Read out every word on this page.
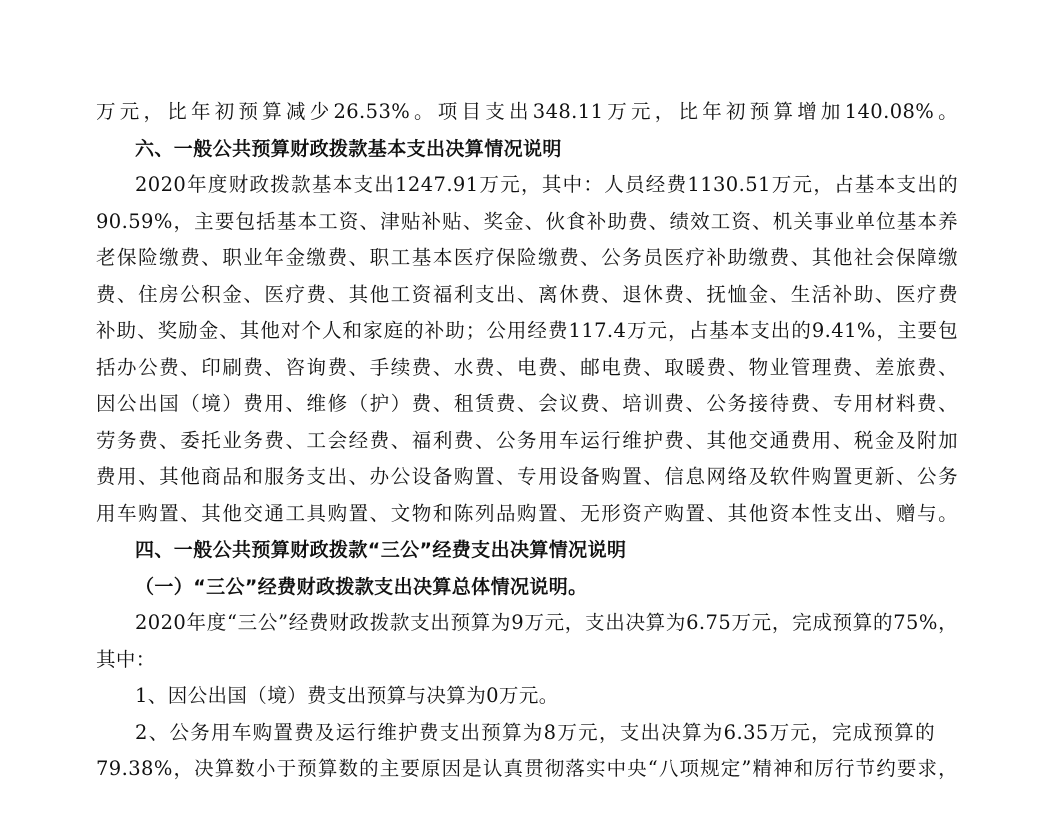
万元，比年初预算减少26.53%。项目支出348.11万元，比年初预算增加140.08%。
六、一般公共预算财政拨款基本支出决算情况说明
2020年度财政拨款基本支出1247.91万元，其中：人员经费1130.51万元，占基本支出的
90.59%，主要包括基本工资、津贴补贴、奖金、伙食补助费、绩效工资、机关事业单位基本养
老保险缴费、职业年金缴费、职工基本医疗保险缴费、公务员医疗补助缴费、其他社会保障缴
费、住房公积金、医疗费、其他工资福利支出、离休费、退休费、抚恤金、生活补助、医疗费
补助、奖励金、其他对个人和家庭的补助；公用经费117.4万元，占基本支出的9.41%，主要包
括办公费、印刷费、咨询费、手续费、水费、电费、邮电费、取暖费、物业管理费、差旅费、
因公出国（境）费用、维修（护）费、租赁费、会议费、培训费、公务接待费、专用材料费、
劳务费、委托业务费、工会经费、福利费、公务用车运行维护费、其他交通费用、税金及附加
费用、其他商品和服务支出、办公设备购置、专用设备购置、信息网络及软件购置更新、公务
用车购置、其他交通工具购置、文物和陈列品购置、无形资产购置、其他资本性支出、赠与。
四、一般公共预算财政拨款“三公”经费支出决算情况说明
（一）“三公”经费财政拨款支出决算总体情况说明。
2020年度“三公”经费财政拨款支出预算为9万元，支出决算为6.75万元，完成预算的75%，
其中：
1、因公出国（境）费支出预算与决算为0万元。
2、公务用车购置费及运行维护费支出预算为8万元，支出决算为6.35万元，完成预算的
79.38%，决算数小于预算数的主要原因是认真贯彻落实中央“八项规定”精神和厉行节约要求，
